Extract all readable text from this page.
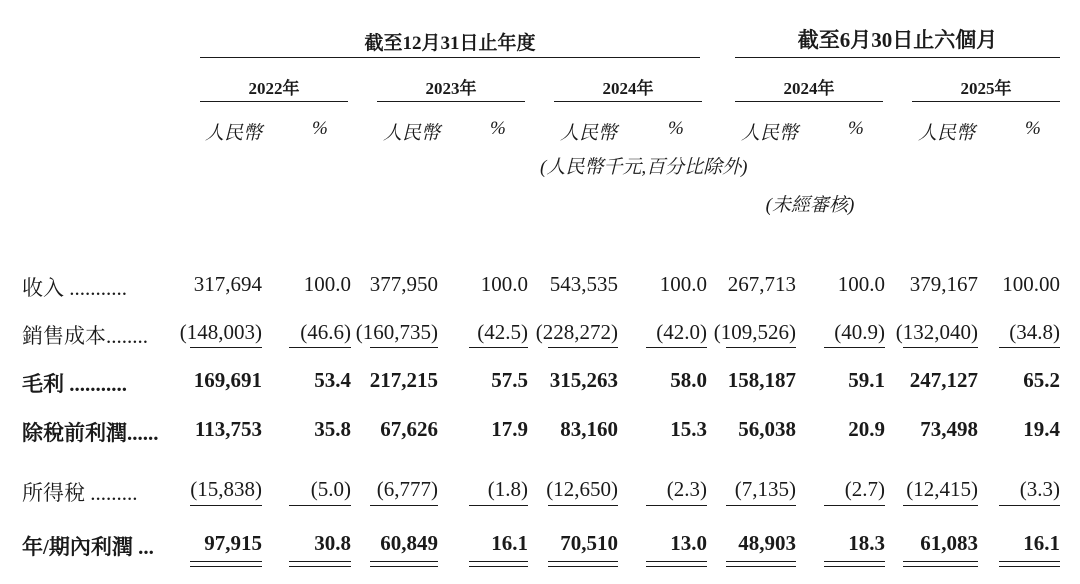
截至12月31日止年度	截至6月30日止六個月
2022年	2023年	2024年	2024年	2025年
人民幣	%	人民幣	%	人民幣	%	人民幣	%	人民幣	%
(人民幣千元,百分比除外)
(未經審核)
收入 ...........	317,694 100.0 377,950 100.0 543,535 100.0 267,713 100.0 379,167 100.00
銷售成本........ (148,003) (46.6) (160,735) (42.5) (228,272) (42.0) (109,526) (40.9) (132,040) (34.8)
毛利 ...........	169,691 53.4 217,215	57.5 315,263 58.0 158,187 59.1 247,127 65.2
除稅前利潤...... 113,753 35.8 67,626	17.9 83,160 15.3 56,038 20.9 73,498 19.4
所得稅 .........	(15,838) (5.0) (6,777) (1.8) (12,650) (2.3) (7,135) (2.7) (12,415) (3.3)
年/期內利潤 ... 97,915 30.8 60,849	16.1 70,510 13.0 48,903 18.3 61,083 16.1
